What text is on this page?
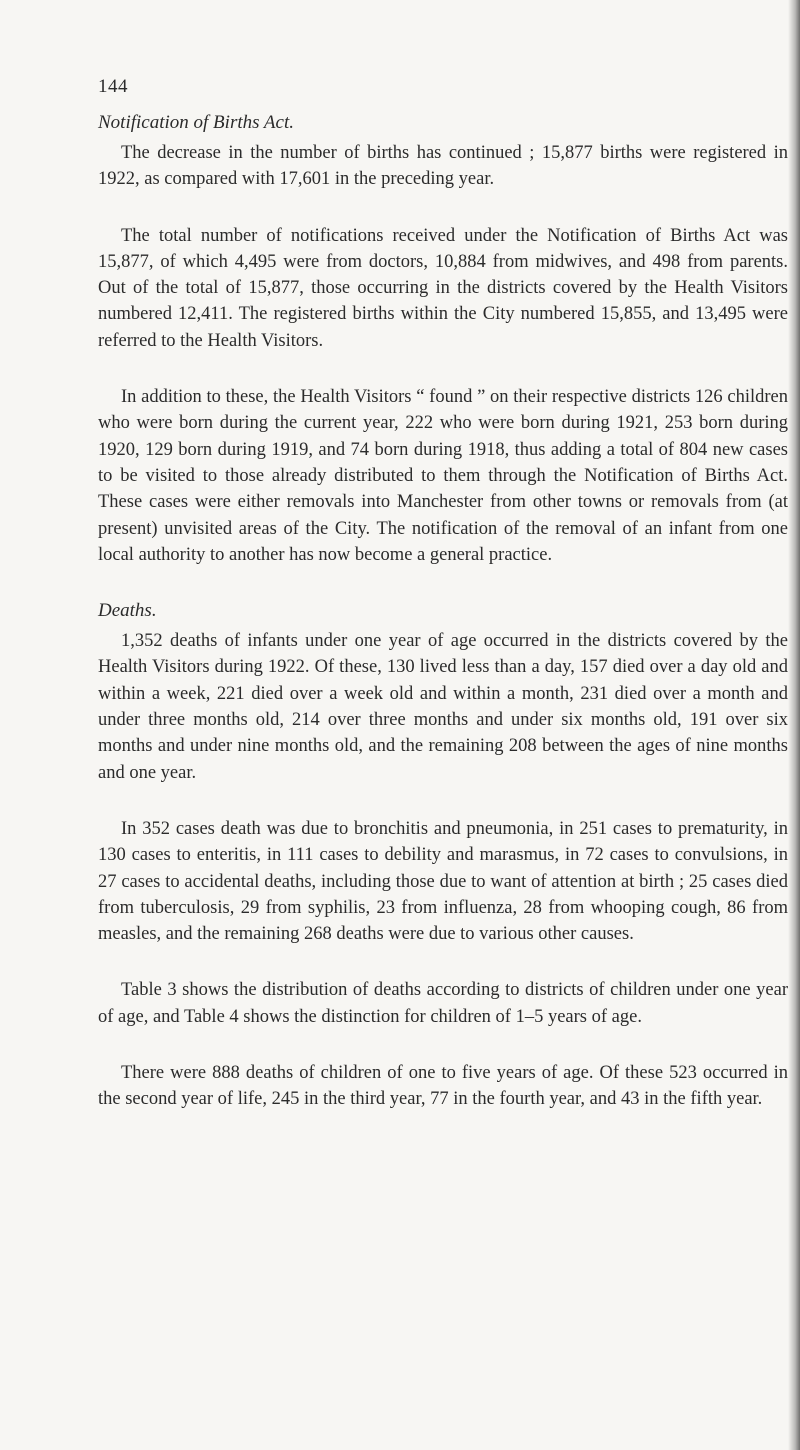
144

Notification of Births Act.

The decrease in the number of births has continued ; 15,877 births were registered in 1922, as compared with 17,601 in the preceding year.

The total number of notifications received under the Notification of Births Act was 15,877, of which 4,495 were from doctors, 10,884 from midwives, and 498 from parents. Out of the total of 15,877, those occurring in the districts covered by the Health Visitors numbered 12,411. The registered births within the City numbered 15,855, and 13,495 were referred to the Health Visitors.

In addition to these, the Health Visitors “ found ” on their respective districts 126 children who were born during the current year, 222 who were born during 1921, 253 born during 1920, 129 born during 1919, and 74 born during 1918, thus adding a total of 804 new cases to be visited to those already distributed to them through the Notification of Births Act. These cases were either removals into Manchester from other towns or removals from (at present) unvisited areas of the City. The notification of the removal of an infant from one local authority to another has now become a general practice.

Deaths.

1,352 deaths of infants under one year of age occurred in the districts covered by the Health Visitors during 1922. Of these, 130 lived less than a day, 157 died over a day old and within a week, 221 died over a week old and within a month, 231 died over a month and under three months old, 214 over three months and under six months old, 191 over six months and under nine months old, and the remaining 208 between the ages of nine months and one year.

In 352 cases death was due to bronchitis and pneumonia, in 251 cases to prematurity, in 130 cases to enteritis, in 111 cases to debility and marasmus, in 72 cases to convulsions, in 27 cases to accidental deaths, including those due to want of attention at birth ; 25 cases died from tuberculosis, 29 from syphilis, 23 from influenza, 28 from whooping cough, 86 from measles, and the remaining 268 deaths were due to various other causes.

Table 3 shows the distribution of deaths according to districts of children under one year of age, and Table 4 shows the distinction for children of 1–5 years of age.

There were 888 deaths of children of one to five years of age. Of these 523 occurred in the second year of life, 245 in the third year, 77 in the fourth year, and 43 in the fifth year.
